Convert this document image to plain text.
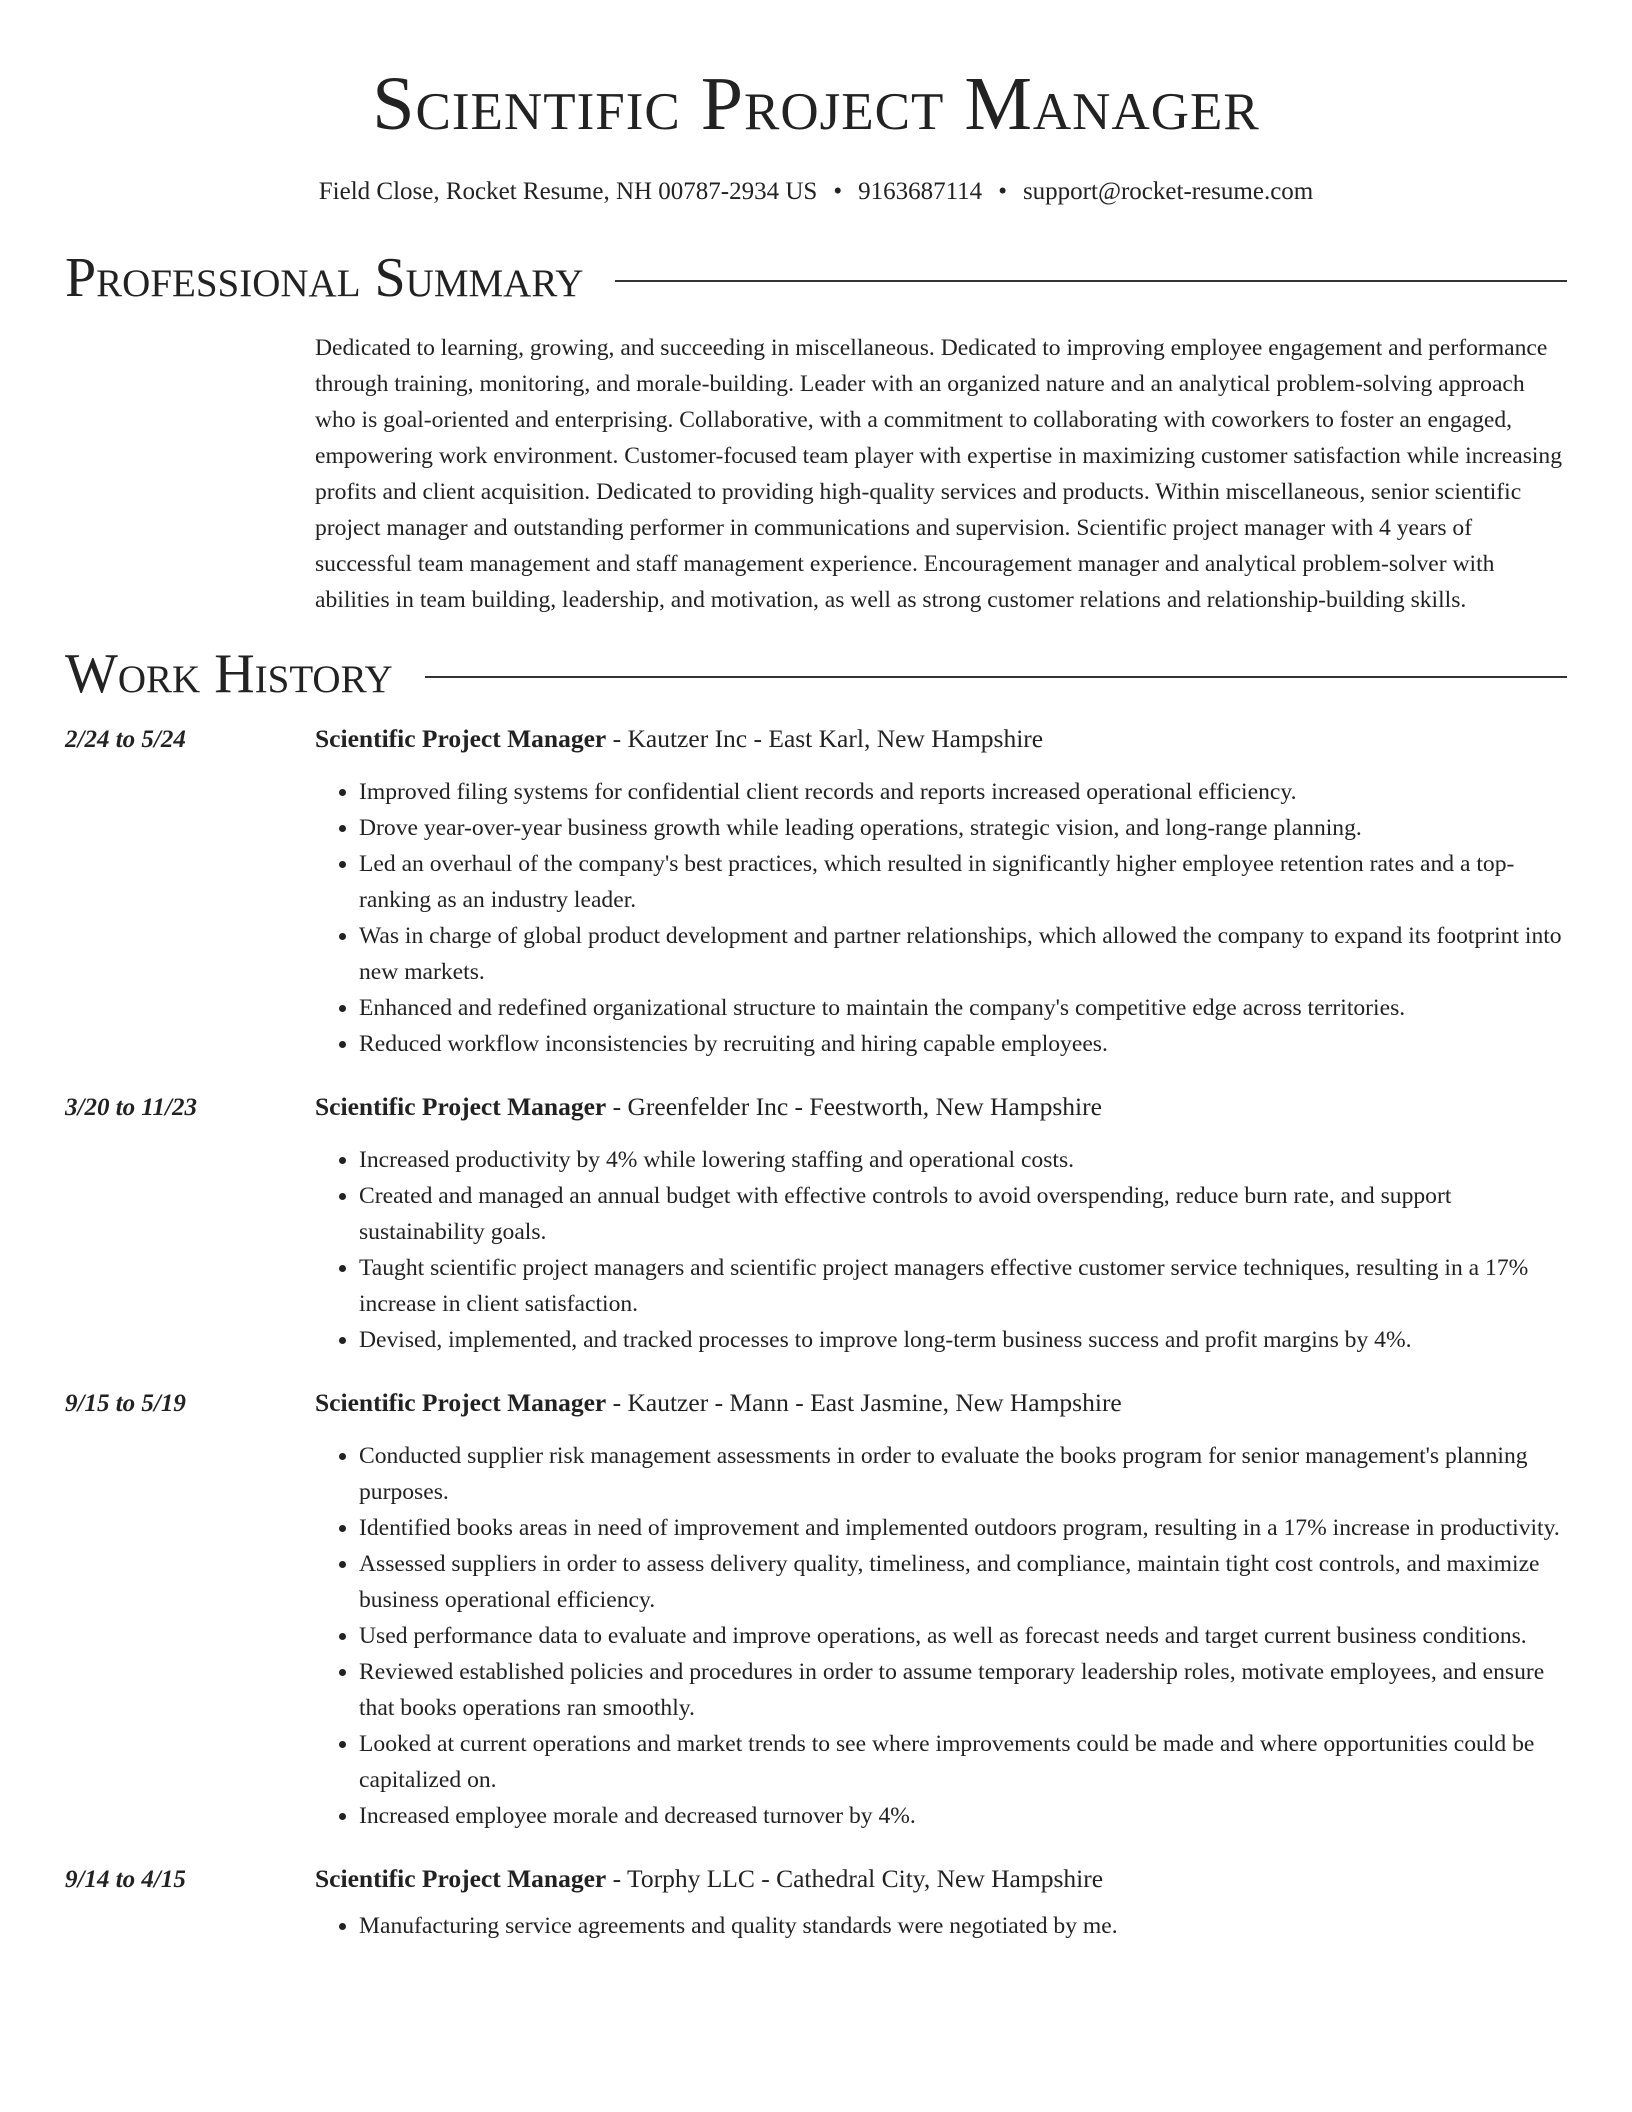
Scientific Project Manager
Field Close, Rocket Resume, NH 00787-2934 US • 9163687114 • support@rocket-resume.com
Professional Summary
Dedicated to learning, growing, and succeeding in miscellaneous. Dedicated to improving employee engagement and performance through training, monitoring, and morale-building. Leader with an organized nature and an analytical problem-solving approach who is goal-oriented and enterprising. Collaborative, with a commitment to collaborating with coworkers to foster an engaged, empowering work environment. Customer-focused team player with expertise in maximizing customer satisfaction while increasing profits and client acquisition. Dedicated to providing high-quality services and products. Within miscellaneous, senior scientific project manager and outstanding performer in communications and supervision. Scientific project manager with 4 years of successful team management and staff management experience. Encouragement manager and analytical problem-solver with abilities in team building, leadership, and motivation, as well as strong customer relations and relationship-building skills.
Work History
2/24 to 5/24	Scientific Project Manager - Kautzer Inc - East Karl, New Hampshire
• Improved filing systems for confidential client records and reports increased operational efficiency.
• Drove year-over-year business growth while leading operations, strategic vision, and long-range planning.
• Led an overhaul of the company's best practices, which resulted in significantly higher employee retention rates and a top-ranking as an industry leader.
• Was in charge of global product development and partner relationships, which allowed the company to expand its footprint into new markets.
• Enhanced and redefined organizational structure to maintain the company's competitive edge across territories.
• Reduced workflow inconsistencies by recruiting and hiring capable employees.
3/20 to 11/23	Scientific Project Manager - Greenfelder Inc - Feestworth, New Hampshire
• Increased productivity by 4% while lowering staffing and operational costs.
• Created and managed an annual budget with effective controls to avoid overspending, reduce burn rate, and support sustainability goals.
• Taught scientific project managers and scientific project managers effective customer service techniques, resulting in a 17% increase in client satisfaction.
• Devised, implemented, and tracked processes to improve long-term business success and profit margins by 4%.
9/15 to 5/19	Scientific Project Manager - Kautzer - Mann - East Jasmine, New Hampshire
• Conducted supplier risk management assessments in order to evaluate the books program for senior management's planning purposes.
• Identified books areas in need of improvement and implemented outdoors program, resulting in a 17% increase in productivity.
• Assessed suppliers in order to assess delivery quality, timeliness, and compliance, maintain tight cost controls, and maximize business operational efficiency.
• Used performance data to evaluate and improve operations, as well as forecast needs and target current business conditions.
• Reviewed established policies and procedures in order to assume temporary leadership roles, motivate employees, and ensure that books operations ran smoothly.
• Looked at current operations and market trends to see where improvements could be made and where opportunities could be capitalized on.
• Increased employee morale and decreased turnover by 4%.
9/14 to 4/15	Scientific Project Manager - Torphy LLC - Cathedral City, New Hampshire
• Manufacturing service agreements and quality standards were negotiated by me.
